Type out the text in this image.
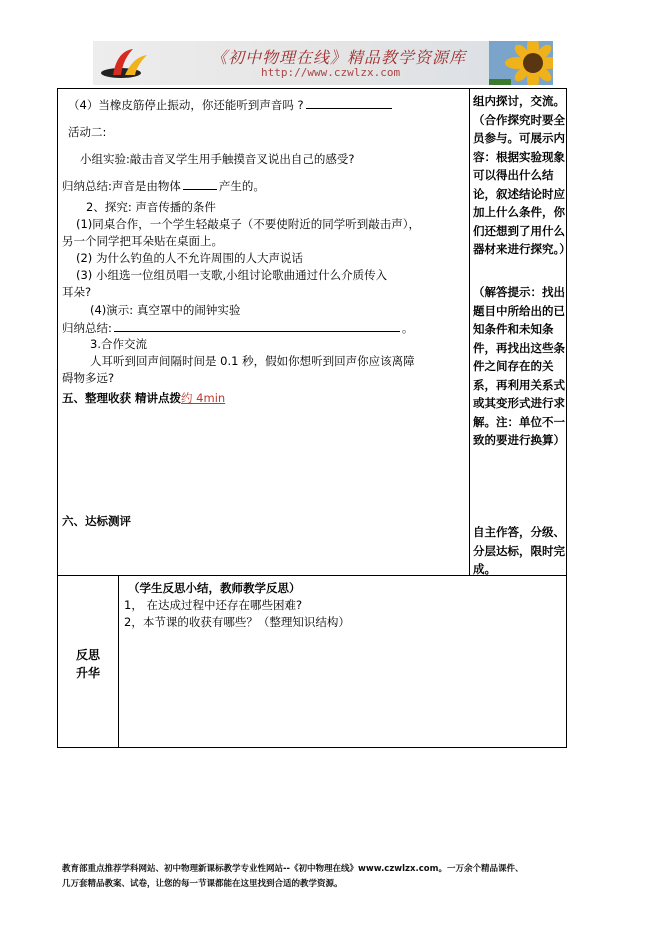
《初中物理在线》精品教学资源库
http://www.czwlzx.com

（4）当橡皮筋停止振动，你还能听到声音吗 ?

活动二:

小组实验:敲击音叉学生用手触摸音叉说出自己的感受?

归纳总结:声音是由物体	产生的。

2、探究: 声音传播的条件

(1)同桌合作，一个学生轻敲桌子（不要使附近的同学听到敲击声），

另一个同学把耳朵贴在桌面上。

(2) 为什么钓鱼的人不允许周围的人大声说话

(3) 小组选一位组员唱一支歌,小组讨论歌曲通过什么介质传入

耳朵?

(4)演示: 真空罩中的闹钟实验

归纳总结:	。

3.合作交流

人耳听到回声间隔时间是 0.1 秒，假如你想听到回声你应该离障

碍物多远?

五、整理收获 精讲点拨约 4min

六、达标测评

组内探讨，交流。（合作探究时要全员参与。可展示内容：根据实验现象可以得出什么结论，叙述结论时应加上什么条件，你们还想到了用什么器材来进行探究。）
（解答提示：找出题目中所给出的已知条件和未知条件，再找出这些条件之间存在的关系，再利用关系式或其变形式进行求解。注：单位不一致的要进行换算）
自主作答，分级、分层达标，限时完成。
反思
升华

（学生反思小结，教师教学反思）

1， 在达成过程中还存在哪些困难?

2，本节课的收获有哪些？（整理知识结构）

教育部重点推荐学科网站、初中物理新课标教学专业性网站--《初中物理在线》www.czwlzx.com。一万余个精品课件、

几万套精品教案、试卷，让您的每一节课都能在这里找到合适的教学资源。
